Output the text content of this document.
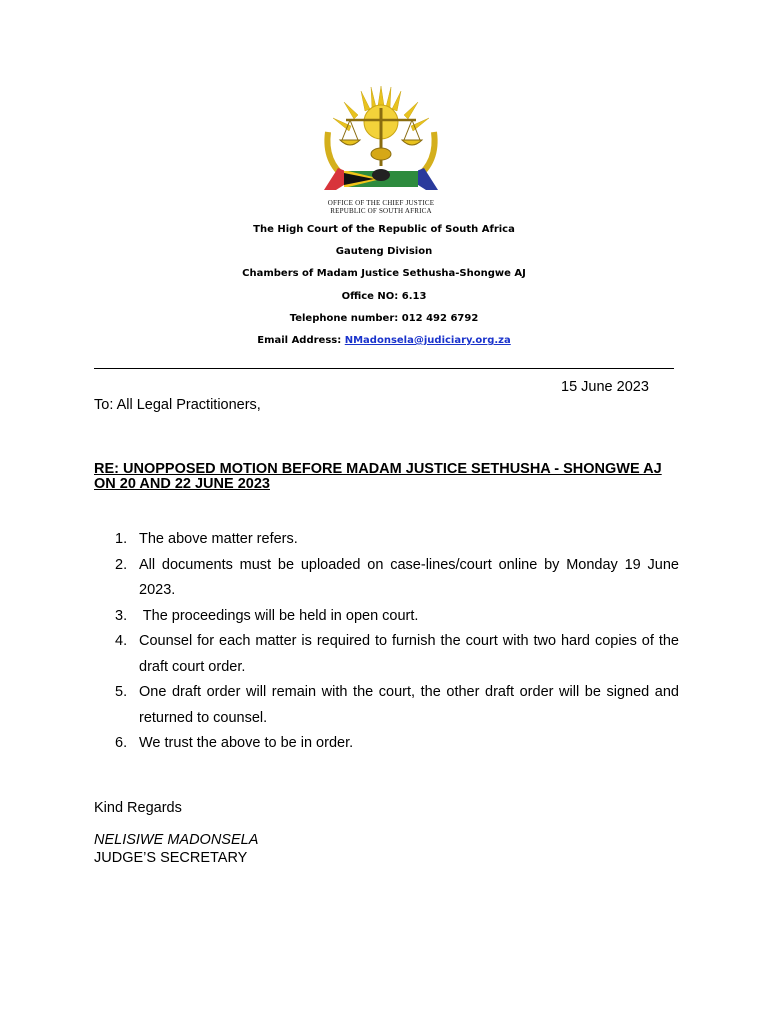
OFFICE OF THE CHIEF JUSTICE
REPUBLIC OF SOUTH AFRICA
The High Court of the Republic of South Africa
Gauteng Division
Chambers of Madam Justice Sethusha-Shongwe AJ
Office NO: 6.13
Telephone number: 012 492 6792
Email Address: NMadonsela@judiciary.org.za
15 June 2023
To: All Legal Practitioners,
RE: UNOPPOSED MOTION BEFORE MADAM JUSTICE SETHUSHA - SHONGWE AJ ON 20 AND 22 JUNE 2023
1. The above matter refers.
2. All documents must be uploaded on case-lines/court online by Monday 19 June 2023.
3. The proceedings will be held in open court.
4. Counsel for each matter is required to furnish the court with two hard copies of the draft court order.
5. One draft order will remain with the court, the other draft order will be signed and returned to counsel.
6. We trust the above to be in order.
Kind Regards
NELISIWE MADONSELA
JUDGE’S SECRETARY
